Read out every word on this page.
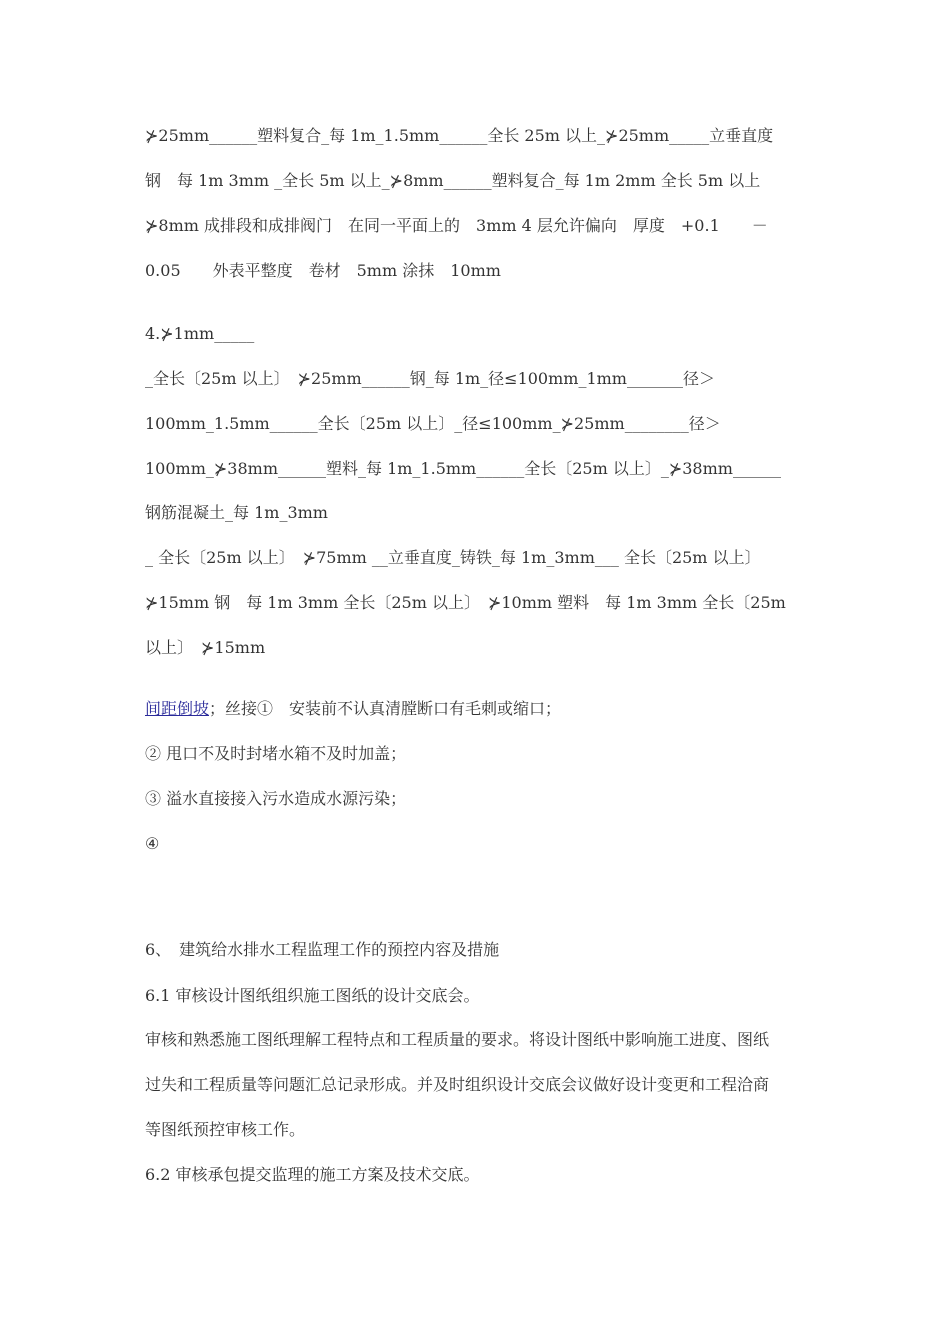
⊁25mm______塑料复合_每 1m_1.5mm______全长 25m 以上_⊁25mm_____立垂直度
钢　每 1m 3mm _全长 5m 以上_⊁8mm______塑料复合_每 1m 2mm 全长 5m 以上
⊁8mm 成排段和成排阀门　在同一平面上的　3mm 4 层允许偏向　厚度　+0.1　　－
0.05　　外表平整度　卷材　5mm 涂抹　10mm
4.⊁1mm_____
_全长〔25m 以上〕　⊁25mm______钢_每 1m_径≤100mm_1mm_______径＞
100mm_1.5mm______全长〔25m 以上〕_径≤100mm_⊁25mm________径＞
100mm_⊁38mm______塑料_每 1m_1.5mm______全长〔25m 以上〕_⊁38mm______
钢筋混凝土_每 1m_3mm
_ 全长〔25m 以上〕　⊁75mm __立垂直度_铸铁_每 1m_3mm___ 全长〔25m 以上〕
⊁15mm 钢　每 1m 3mm 全长〔25m 以上〕　⊁10mm 塑料　每 1m 3mm 全长〔25m
以上〕　⊁15mm
间距倒坡；丝接①　安装前不认真清膛断口有毛刺或缩口；
② 甩口不及时封堵水箱不及时加盖；
③ 溢水直接接入污水造成水源污染；
④
6、　建筑给水排水工程监理工作的预控内容及措施
6.1 审核设计图纸组织施工图纸的设计交底会。
审核和熟悉施工图纸理解工程特点和工程质量的要求。将设计图纸中影响施工进度、图纸
过失和工程质量等问题汇总记录形成。并及时组织设计交底会议做好设计变更和工程洽商
等图纸预控审核工作。
6.2 审核承包提交监理的施工方案及技术交底。
